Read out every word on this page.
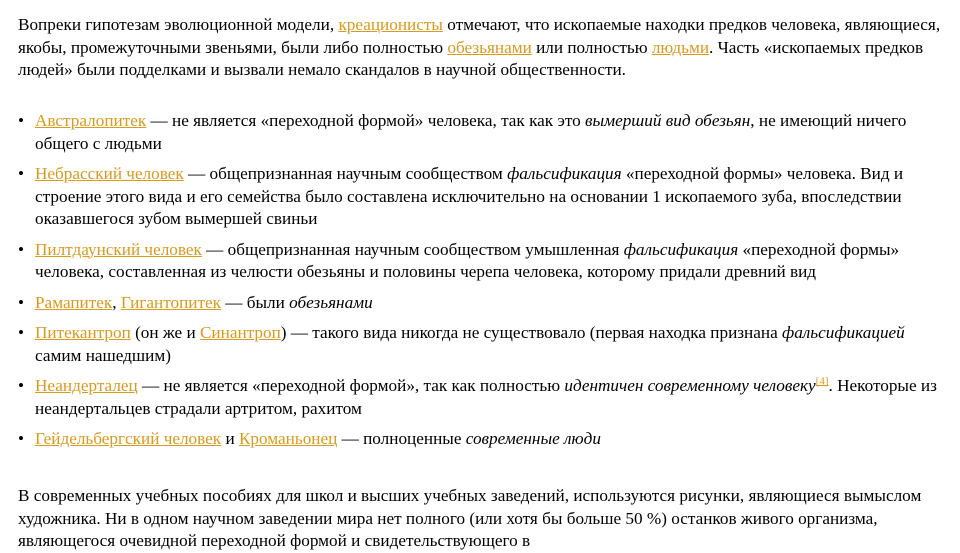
Вопреки гипотезам эволюционной модели, креационисты отмечают, что ископаемые находки предков человека, являющиеся, якобы, промежуточными звеньями, были либо полностью обезьянами или полностью людьми. Часть «ископаемых предков людей» были подделками и вызвали немало скандалов в научной общественности.

• Австралопитек — не является «переходной формой» человека, так как это вымерший вид обезьян, не имеющий ничего общего с людьми
• Небрасский человек — общепризнанная научным сообществом фальсификация «переходной формы» человека. Вид и строение этого вида и его семейства было составлена исключительно на основании 1 ископаемого зуба, впоследствии оказавшегося зубом вымершей свиньи
• Пилтдаунский человек — общепризнанная научным сообществом умышленная фальсификация «переходной формы» человека, составленная из челюсти обезьяны и половины черепа человека, которому придали древний вид
• Рамапитек, Гигантопитек — были обезьянами
• Питекантроп (он же и Синантроп) — такого вида никогда не существовало (первая находка признана фальсификацией самим нашедшим)
• Неандерталец — не является «переходной формой», так как полностью идентичен современному человеку[4]. Некоторые из неандертальцев страдали артритом, рахитом
• Гейдельбергский человек и Кроманьонец — полноценные современные люди

В современных учебных пособиях для школ и высших учебных заведений, используются рисунки, являющиеся вымыслом художника. Ни в одном научном заведении мира нет полного (или хотя бы больше 50 %) останков живого организма, являющегося очевидной переходной формой и свидетельствующего в
